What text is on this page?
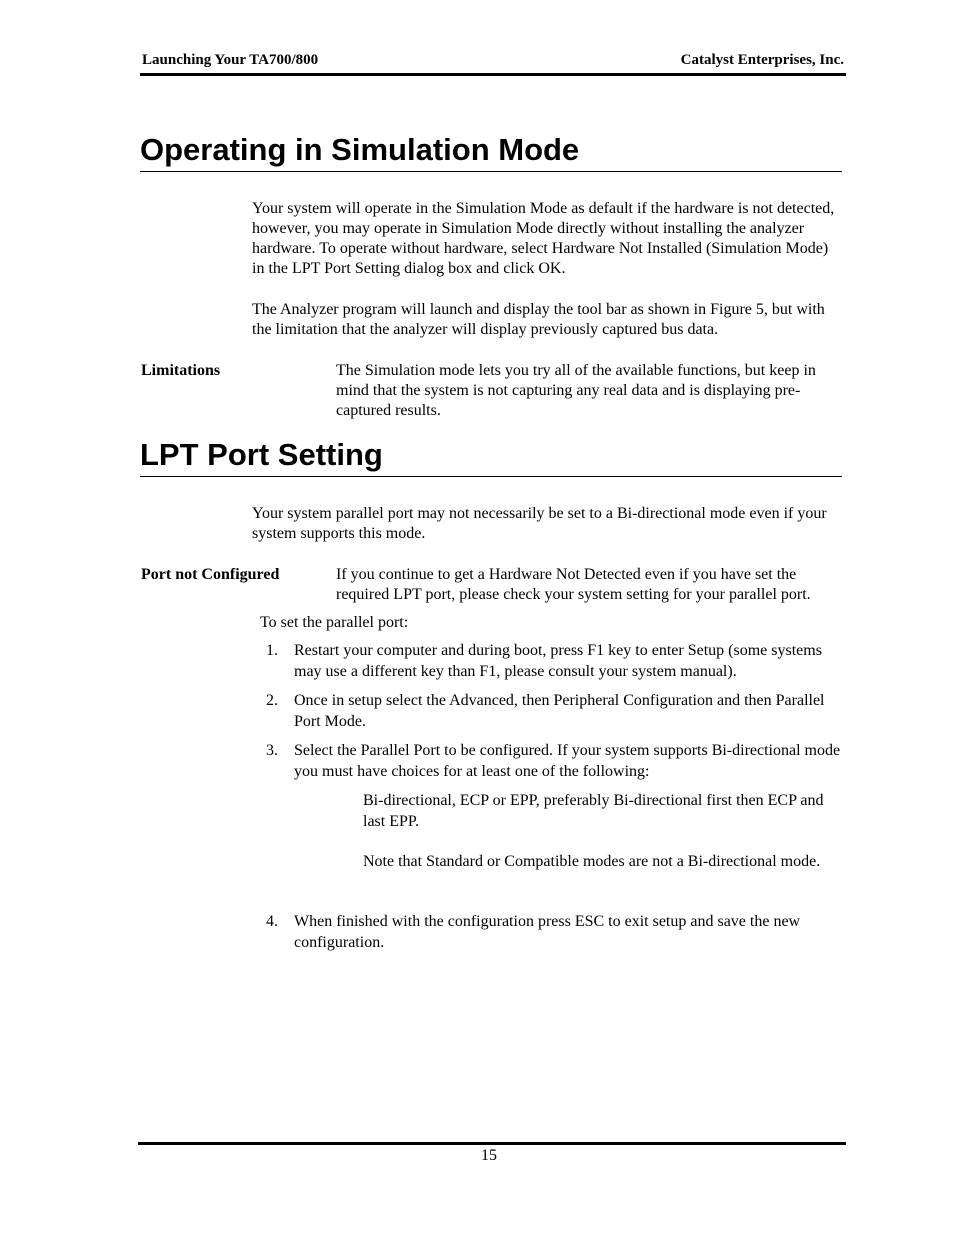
Launching Your TA700/800	Catalyst Enterprises, Inc.
Operating in Simulation Mode

Your system will operate in the Simulation Mode as default if the hardware is not detected, however, you may operate in Simulation Mode directly without installing the analyzer hardware. To operate without hardware, select Hardware Not Installed (Simulation Mode) in the LPT Port Setting dialog box and click OK.

The Analyzer program will launch and display the tool bar as shown in Figure 5, but with the limitation that the analyzer will display previously captured bus data.

Limitations	The Simulation mode lets you try all of the available functions, but keep in mind that the system is not capturing any real data and is displaying pre-captured results.

LPT Port Setting

Your system parallel port may not necessarily be set to a Bi-directional mode even if your system supports this mode.

Port not Configured	If you continue to get a Hardware Not Detected even if you have set the required LPT port, please check your system setting for your parallel port.

To set the parallel port:

1. Restart your computer and during boot, press F1 key to enter Setup (some systems may use a different key than F1, please consult your system manual).
2. Once in setup select the Advanced, then Peripheral Configuration and then Parallel Port Mode.
3. Select the Parallel Port to be configured. If your system supports Bi-directional mode you must have choices for at least one of the following:

Bi-directional, ECP or EPP, preferably Bi-directional first then ECP and last EPP.

Note that Standard or Compatible modes are not a Bi-directional mode.

4. When finished with the configuration press ESC to exit setup and save the new configuration.
15
